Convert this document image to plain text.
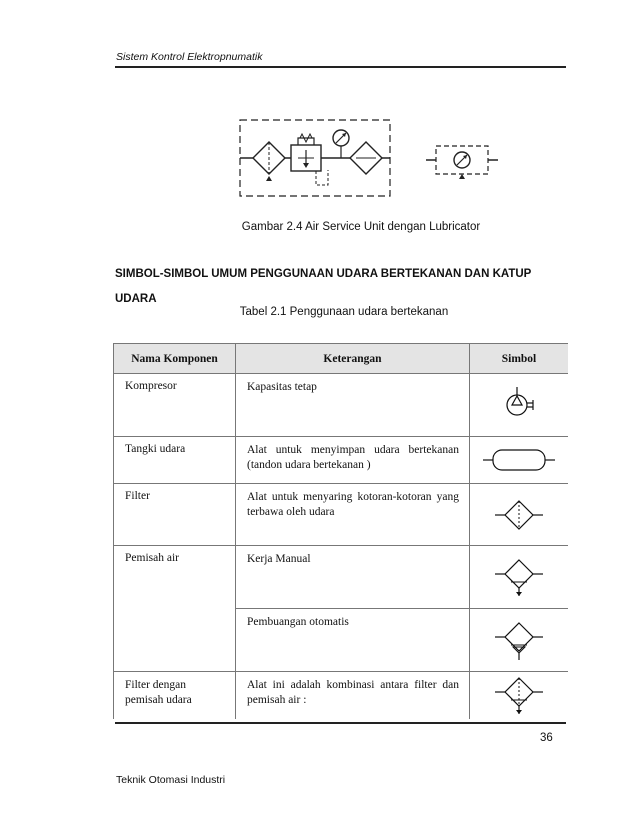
Sistem Kontrol Elektropnumatik
Gambar 2.4 Air Service Unit dengan Lubricator
SIMBOL-SIMBOL UMUM PENGGUNAAN UDARA BERTEKANAN DAN KATUP UDARA
Tabel 2.1 Penggunaan udara bertekanan
Nama Komponen	Keterangan	Simbol
Kompresor	Kapasitas tetap	

Tangki udara	Alat untuk menyimpan udara bertekanan (tandon udara bertekanan )	

Filter	Alat untuk menyaring kotoran-kotoran yang terbawa oleh udara	

Pemisah air	Kerja Manual	

	Pembuangan otomatis	

Filter dengan pemisah udara	Alat ini adalah kombinasi antara filter dan pemisah air :	
36
Teknik Otomasi Industri
